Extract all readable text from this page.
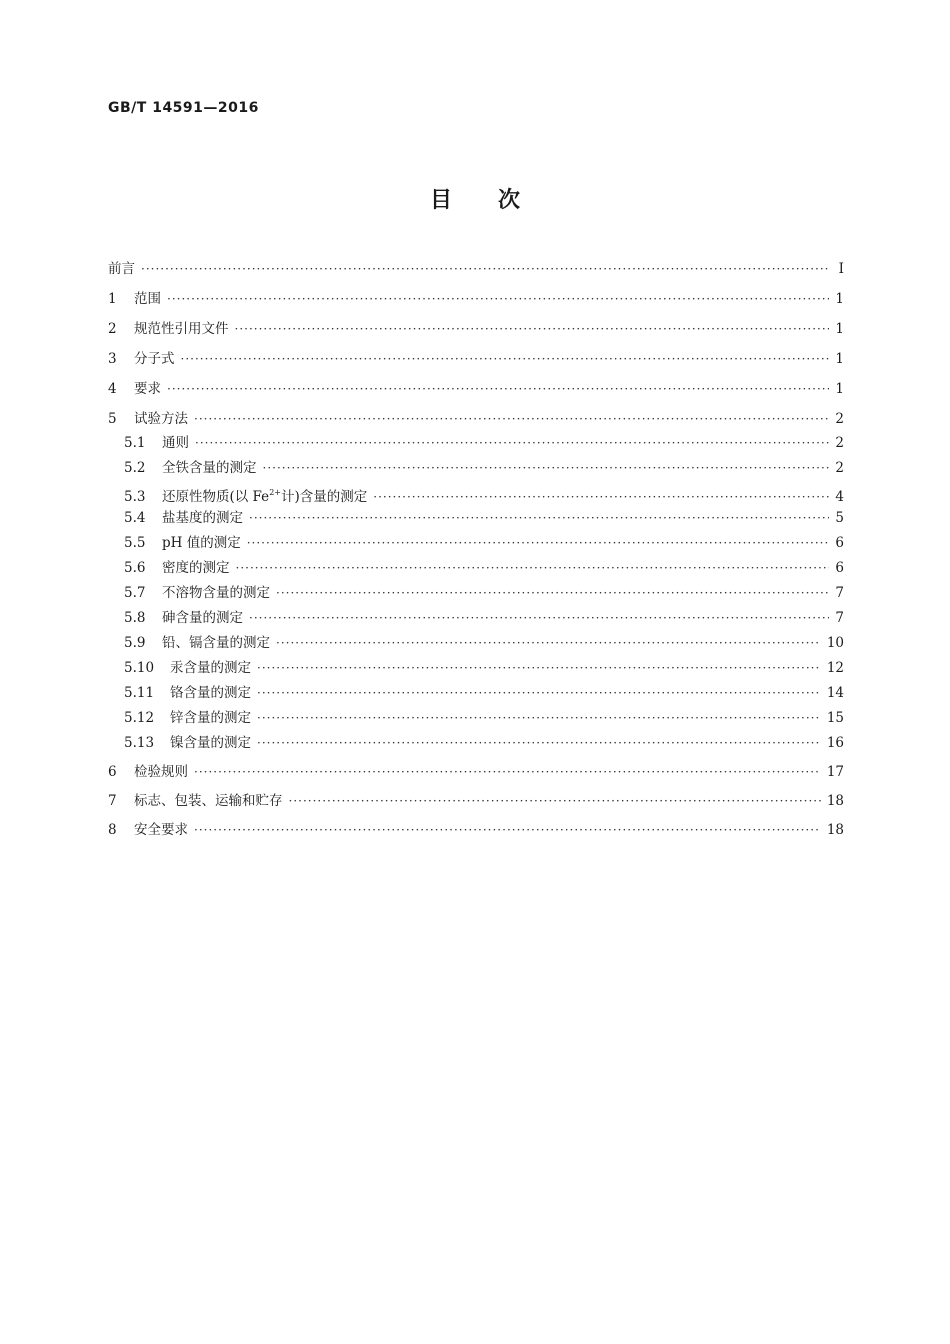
GB/T 14591—2016
目次
前言 ·····	Ⅰ
1	范围 ·····	1
2	规范性引用文件 ·····	1
3	分子式 ·····	1
4	要求 ·····	1
5	试验方法 ·····	2
5.1	通则 ·····	2
5.2	全铁含量的测定 ·····	2
5.3	还原性物质(以 $Fe^{2+}$计)含量的测定 ·····	4
5.4	盐基度的测定 ·····	5
5.5	pH 值的测定 ·····	6
5.6	密度的测定 ·····	6
5.7	不溶物含量的测定 ·····	7
5.8	砷含量的测定 ·····	7
5.9	铅、镉含量的测定 ·····	10
5.10	汞含量的测定 ·····	12
5.11	铬含量的测定 ·····	14
5.12	锌含量的测定 ·····	15
5.13	镍含量的测定 ·····	16
6	检验规则 ·····	17
7	标志、包装、运输和贮存 ·····	18
8	安全要求 ·····	18
